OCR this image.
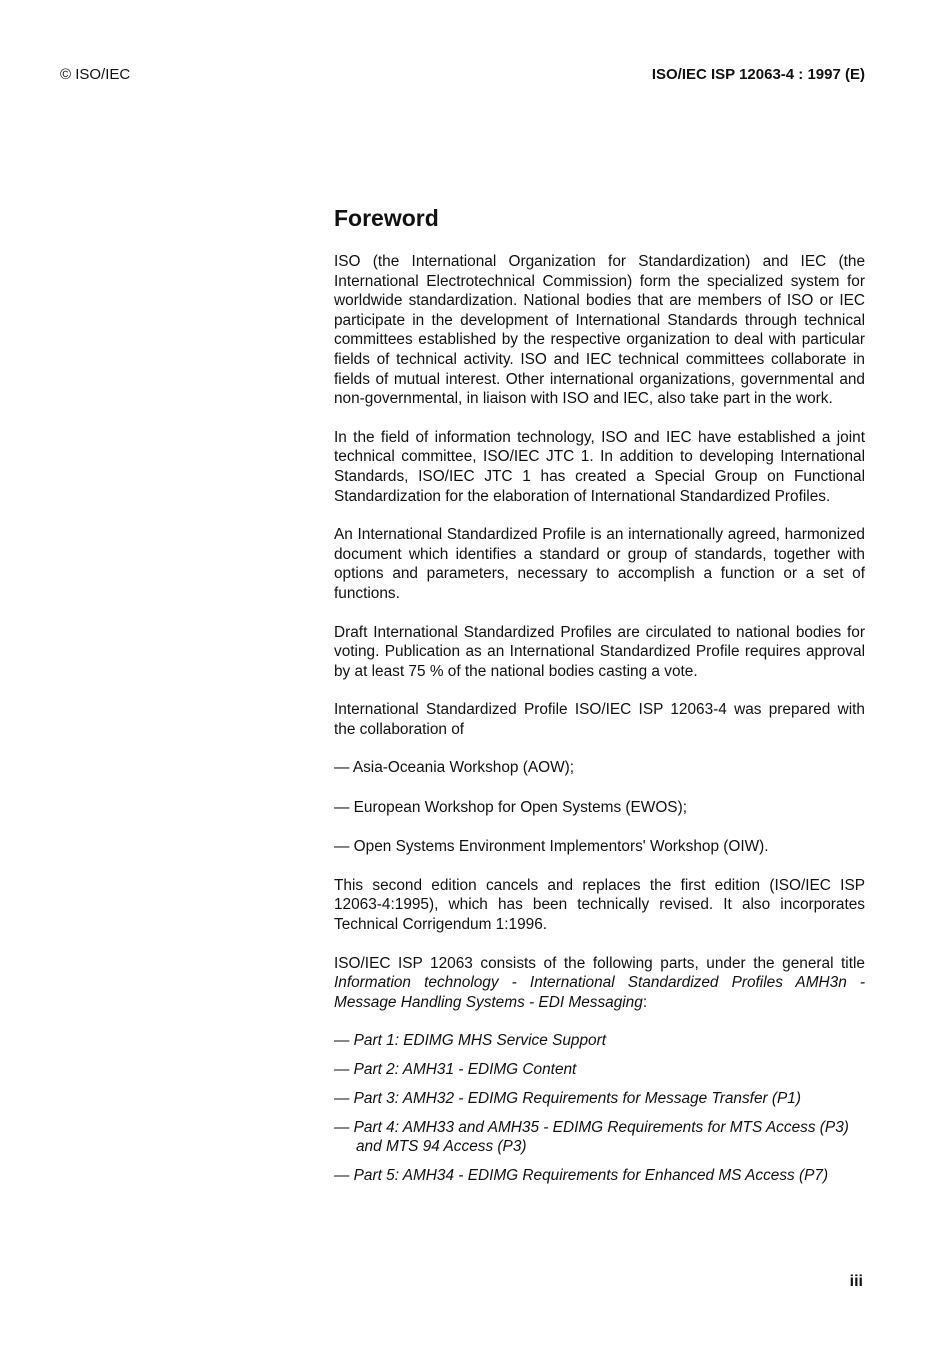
© ISO/IEC	ISO/IEC ISP 12063-4 : 1997 (E)
Foreword

ISO (the International Organization for Standardization) and IEC (the International Electrotechnical Commission) form the specialized system for worldwide standardization. National bodies that are members of ISO or IEC participate in the development of International Standards through technical committees established by the respective organization to deal with particular fields of technical activity. ISO and IEC technical committees collaborate in fields of mutual interest. Other international organizations, governmental and non-governmental, in liaison with ISO and IEC, also take part in the work.

In the field of information technology, ISO and IEC have established a joint technical committee, ISO/IEC JTC 1. In addition to developing International Standards, ISO/IEC JTC 1 has created a Special Group on Functional Standardization for the elaboration of International Standardized Profiles.

An International Standardized Profile is an internationally agreed, harmonized document which identifies a standard or group of standards, together with options and parameters, necessary to accomplish a function or a set of functions.

Draft International Standardized Profiles are circulated to national bodies for voting. Publication as an International Standardized Profile requires approval by at least 75 % of the national bodies casting a vote.

International Standardized Profile ISO/IEC ISP 12063-4 was prepared with the collaboration of

— Asia-Oceania Workshop (AOW);
— European Workshop for Open Systems (EWOS);
— Open Systems Environment Implementors' Workshop (OIW).

This second edition cancels and replaces the first edition (ISO/IEC ISP 12063-4:1995), which has been technically revised. It also incorporates Technical Corrigendum 1:1996.

ISO/IEC ISP 12063 consists of the following parts, under the general title Information technology - International Standardized Profiles AMH3n - Message Handling Systems - EDI Messaging:

— Part 1: EDIMG MHS Service Support
— Part 2: AMH31 - EDIMG Content
— Part 3: AMH32 - EDIMG Requirements for Message Transfer (P1)
— Part 4: AMH33 and AMH35 - EDIMG Requirements for MTS Access (P3) and MTS 94 Access (P3)
— Part 5: AMH34 - EDIMG Requirements for Enhanced MS Access (P7)
iii
